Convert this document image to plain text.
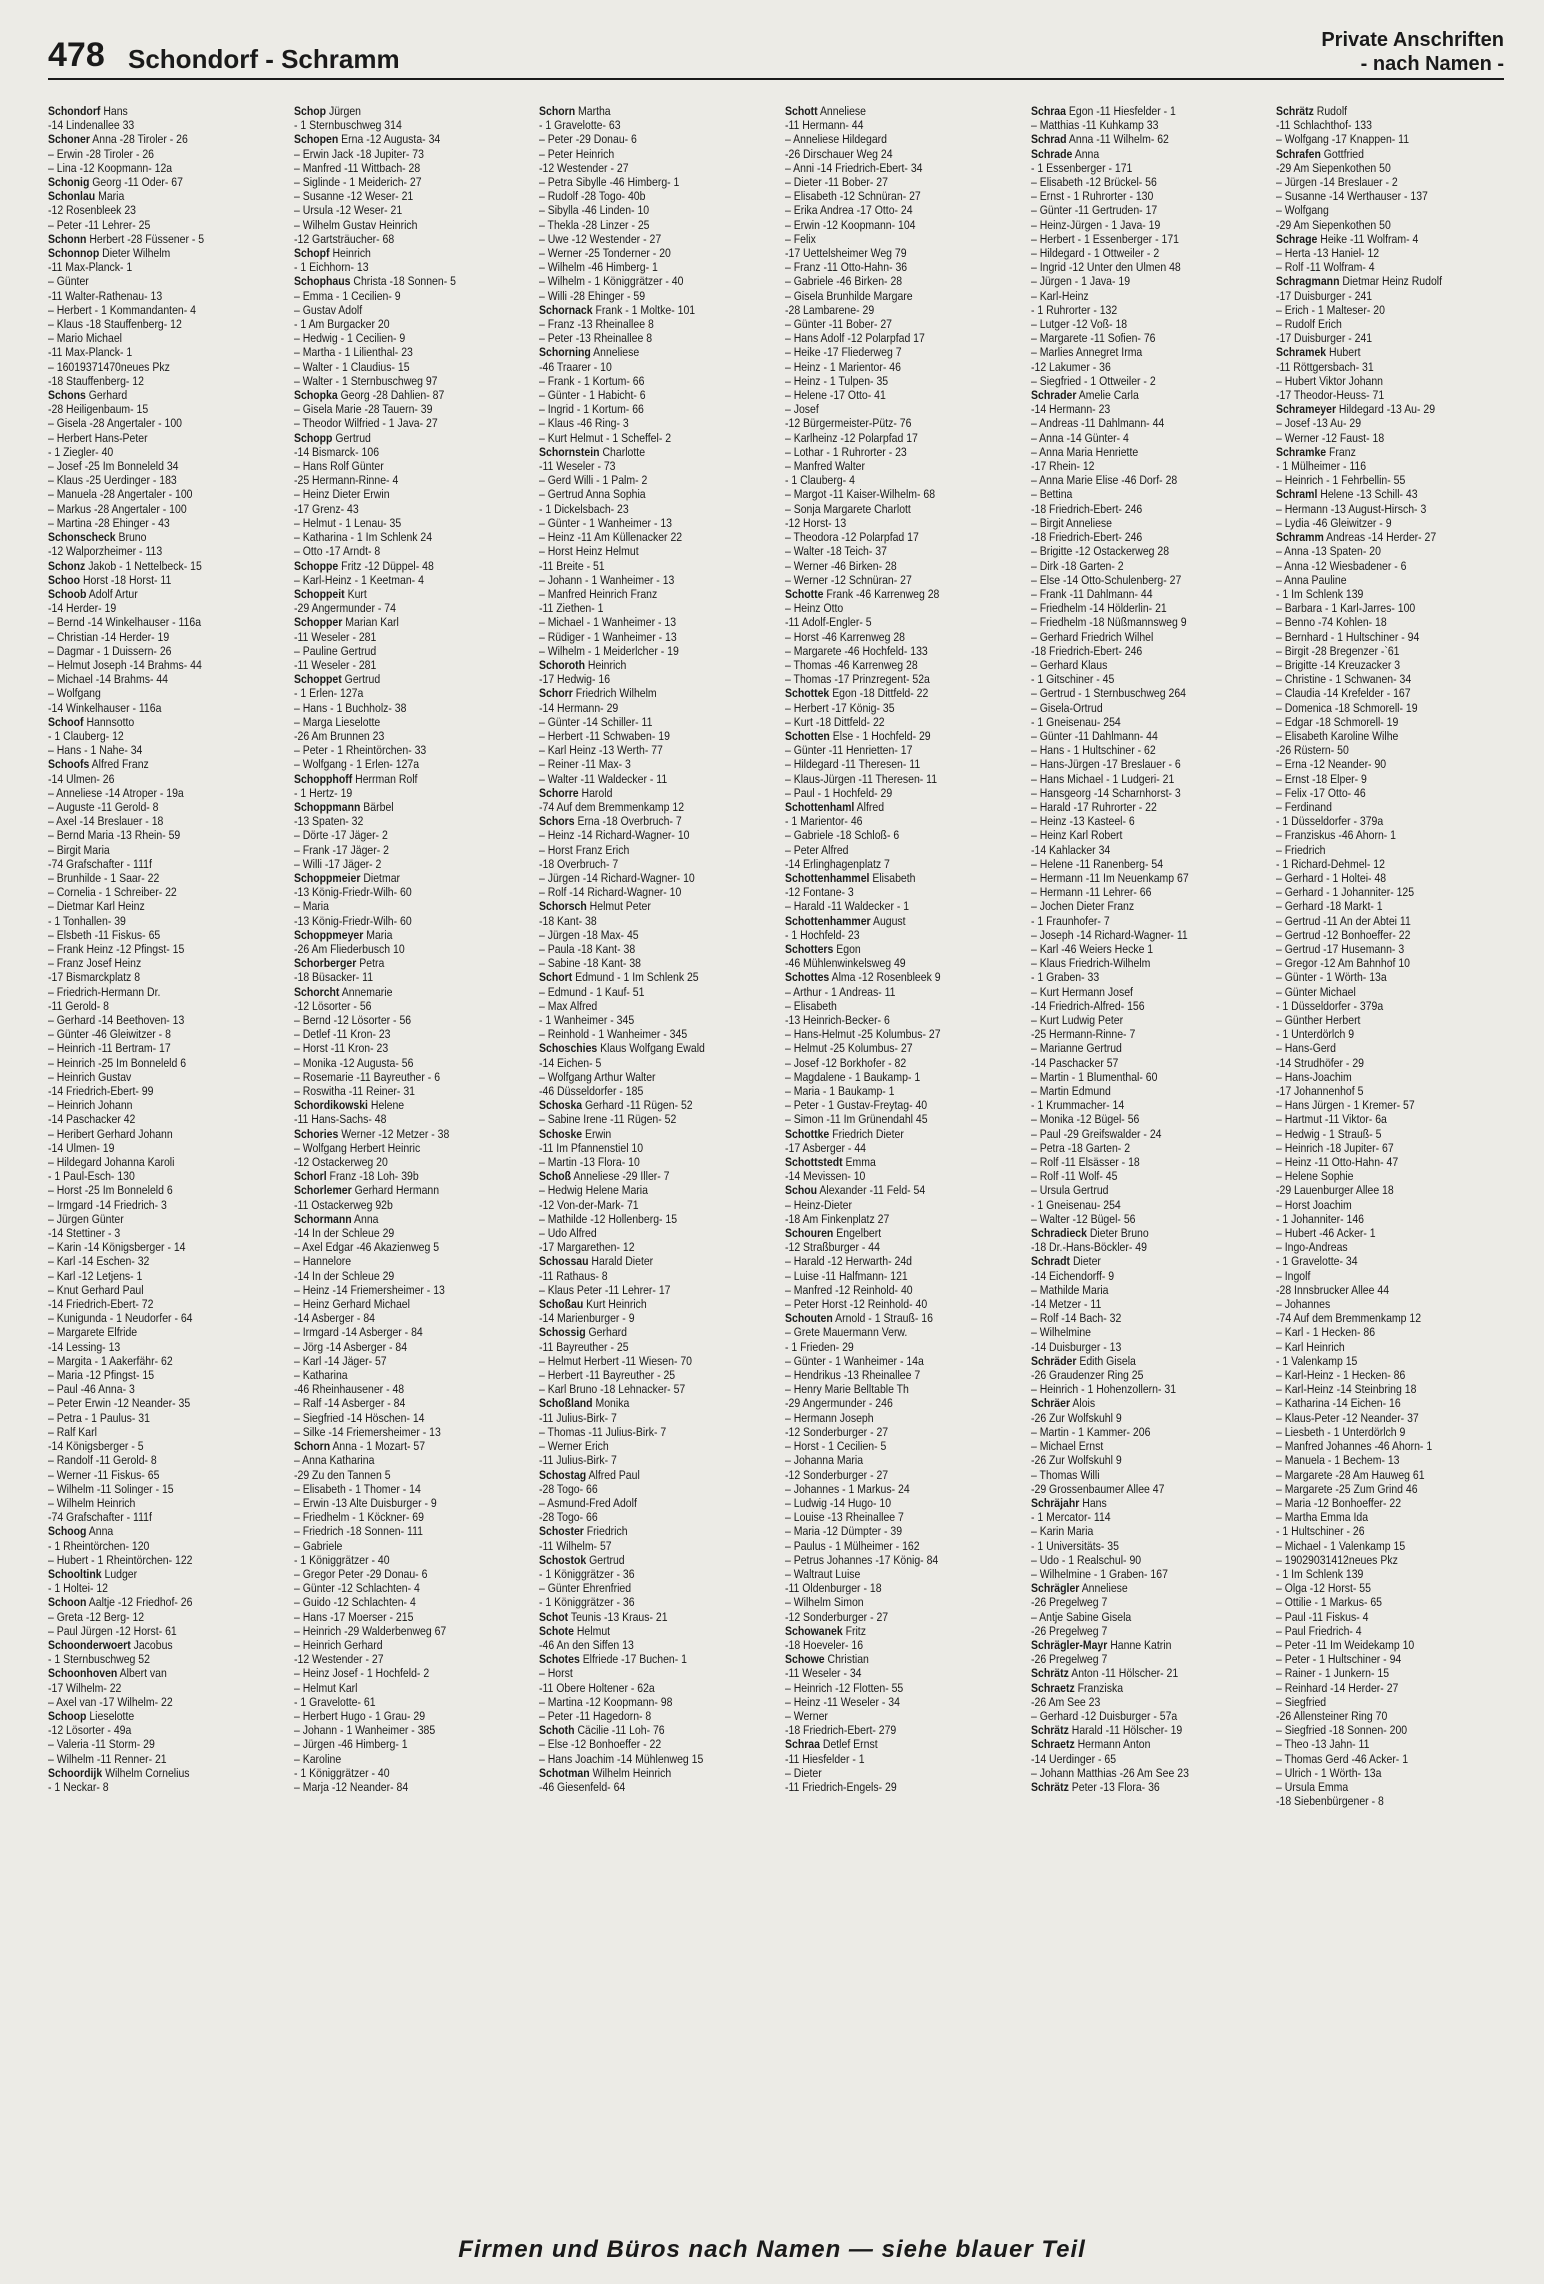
478 Schondorf - Schramm
Private Anschriften
- nach Namen -
Schondorf Hans
-14 Lindenallee 33
Schoner Anna -28 Tiroler - 26
– Erwin -28 Tiroler - 26
– Lina -12 Koopmann- 12a
Schonig Georg -11 Oder- 67
Schonlau Maria
-12 Rosenbleek 23
– Peter -11 Lehrer- 25
Schonn Herbert -28 Füssener - 5
Schonnop Dieter Wilhelm
-11 Max-Planck- 1
– Günter
-11 Walter-Rathenau- 13
– Herbert - 1 Kommandanten- 4
– Klaus -18 Stauffenberg- 12
– Mario Michael
-11 Max-Planck- 1
– 16019371470neues Pkz
-18 Stauffenberg- 12
Schons Gerhard
-28 Heiligenbaum- 15
– Gisela -28 Angertaler - 100
– Herbert Hans-Peter
- 1 Ziegler- 40
– Josef -25 Im Bonneleld 34
– Klaus -25 Uerdinger - 183
– Manuela -28 Angertaler - 100
– Markus -28 Angertaler - 100
– Martina -28 Ehinger - 43
Schonscheck Bruno
-12 Walporzheimer - 113
Schonz Jakob - 1 Nettelbeck- 15
Schoo Horst -18 Horst- 11
Schoob Adolf Artur
-14 Herder- 19
– Bernd -14 Winkelhauser - 116a
– Christian -14 Herder- 19
– Dagmar - 1 Duissern- 26
– Helmut Joseph -14 Brahms- 44
– Michael -14 Brahms- 44
– Wolfgang
-14 Winkelhauser - 116a
Schoof Hannsotto
- 1 Clauberg- 12
– Hans - 1 Nahe- 34
Schoofs Alfred Franz
-14 Ulmen- 26
– Anneliese -14 Atroper - 19a
– Auguste -11 Gerold- 8
– Axel -14 Breslauer - 18
– Bernd Maria -13 Rhein- 59
– Birgit Maria
-74 Grafschafter - 111f
– Brunhilde - 1 Saar- 22
– Cornelia - 1 Schreiber- 22
– Dietmar Karl Heinz
- 1 Tonhallen- 39
– Elsbeth -11 Fiskus- 65
– Frank Heinz -12 Pfingst- 15
– Franz Josef Heinz
-17 Bismarckplatz 8
– Friedrich-Hermann Dr.
-11 Gerold- 8
– Gerhard -14 Beethoven- 13
– Günter -46 Gleiwitzer - 8
– Heinrich -11 Bertram- 17
– Heinrich -25 Im Bonneleld 6
– Heinrich Gustav
-14 Friedrich-Ebert- 99
– Heinrich Johann
-14 Paschacker 42
– Heribert Gerhard Johann
-14 Ulmen- 19
– Hildegard Johanna Karoli
- 1 Paul-Esch- 130
– Horst -25 Im Bonneleld 6
– Irmgard -14 Friedrich- 3
– Jürgen Günter
-14 Stettiner - 3
– Karin -14 Königsberger - 14
– Karl -14 Eschen- 32
– Karl -12 Letjens- 1
– Knut Gerhard Paul
-14 Friedrich-Ebert- 72
– Kunigunda - 1 Neudorfer - 64
– Margarete Elfride
-14 Lessing- 13
– Margita - 1 Aakerfähr- 62
– Maria -12 Pfingst- 15
– Paul -46 Anna- 3
– Peter Erwin -12 Neander- 35
– Petra - 1 Paulus- 31
– Ralf Karl
-14 Königsberger - 5
– Randolf -11 Gerold- 8
– Werner -11 Fiskus- 65
– Wilhelm -11 Solinger - 15
– Wilhelm Heinrich
-74 Grafschafter - 111f
Schoog Anna
- 1 Rheintörchen- 120
– Hubert - 1 Rheintörchen- 122
Schooltink Ludger
- 1 Holtei- 12
Schoon Aaltje -12 Friedhof- 26
– Greta -12 Berg- 12
– Paul Jürgen -12 Horst- 61
Schoonderwoert Jacobus
- 1 Sternbuschweg 52
Schoonhoven Albert van
-17 Wilhelm- 22
– Axel van -17 Wilhelm- 22
Schoop Lieselotte
-12 Lösorter - 49a
– Valeria -11 Storm- 29
– Wilhelm -11 Renner- 21
Schoordijk Wilhelm Cornelius
- 1 Neckar- 8
Schop Jürgen
- 1 Sternbuschweg 314
Schopen Erna -12 Augusta- 34
– Erwin Jack -18 Jupiter- 73
– Manfred -11 Wittbach- 28
– Siglinde - 1 Meiderich- 27
– Susanne -12 Weser- 21
– Ursula -12 Weser- 21
– Wilhelm Gustav Heinrich
-12 Gartsträucher- 68
Schopf Heinrich
- 1 Eichhorn- 13
Schophaus Christa -18 Sonnen- 5
– Emma - 1 Cecilien- 9
– Gustav Adolf
- 1 Am Burgacker 20
– Hedwig - 1 Cecilien- 9
– Martha - 1 Lilienthal- 23
– Walter - 1 Claudius- 15
– Walter - 1 Sternbuschweg 97
Schopka Georg -28 Dahlien- 87
– Gisela Marie -28 Tauern- 39
– Theodor Wilfried - 1 Java- 27
Schopp Gertrud
-14 Bismarck- 106
– Hans Rolf Günter
-25 Hermann-Rinne- 4
– Heinz Dieter Erwin
-17 Grenz- 43
– Helmut - 1 Lenau- 35
– Katharina - 1 Im Schlenk 24
– Otto -17 Arndt- 8
Schoppe Fritz -12 Düppel- 48
– Karl-Heinz - 1 Keetman- 4
Schoppeit Kurt
-29 Angermunder - 74
Schopper Marian Karl
-11 Weseler - 281
– Pauline Gertrud
-11 Weseler - 281
Schoppet Gertrud
- 1 Erlen- 127a
– Hans - 1 Buchholz- 38
– Marga Lieselotte
-26 Am Brunnen 23
– Peter - 1 Rheintörchen- 33
– Wolfgang - 1 Erlen- 127a
Schopphoff Herrman Rolf
- 1 Hertz- 19
Schoppmann Bärbel
-13 Spaten- 32
– Dörte -17 Jäger- 2
– Frank -17 Jäger- 2
– Willi -17 Jäger- 2
Schoppmeier Dietmar
-13 König-Friedr-Wilh- 60
– Maria
-13 König-Friedr-Wilh- 60
Schoppmeyer Maria
-26 Am Fliederbusch 10
Schorberger Petra
-18 Büsacker- 11
Schorcht Annemarie
-12 Lösorter - 56
– Bernd -12 Lösorter - 56
– Detlef -11 Kron- 23
– Horst -11 Kron- 23
– Monika -12 Augusta- 56
– Rosemarie -11 Bayreuther - 6
– Roswitha -11 Reiner- 31
Schordikowski Helene
-11 Hans-Sachs- 48
Schories Werner -12 Metzer - 38
– Wolfgang Herbert Heinric
-12 Ostackerweg 20
Schorl Franz -18 Loh- 39b
Schorlemer Gerhard Hermann
-11 Ostackerweg 92b
Schormann Anna
-14 In der Schleue 29
– Axel Edgar -46 Akazienweg 5
– Hannelore
-14 In der Schleue 29
– Heinz -14 Friemersheimer - 13
– Heinz Gerhard Michael
-14 Asberger - 84
– Irmgard -14 Asberger - 84
– Jörg -14 Asberger - 84
– Karl -14 Jäger- 57
– Katharina
-46 Rheinhausener - 48
– Ralf -14 Asberger - 84
– Siegfried -14 Höschen- 14
– Silke -14 Friemersheimer - 13
Schorn Anna - 1 Mozart- 57
– Anna Katharina
-29 Zu den Tannen 5
– Elisabeth - 1 Thomer - 14
– Erwin -13 Alte Duisburger - 9
– Friedhelm - 1 Köckner- 69
– Friedrich -18 Sonnen- 111
– Gabriele
- 1 Königgrätzer - 40
– Gregor Peter -29 Donau- 6
– Günter -12 Schlachten- 4
– Guido -12 Schlachten- 4
– Hans -17 Moerser - 215
– Heinrich -29 Walderbenweg 67
– Heinrich Gerhard
-12 Westender - 27
– Heinz Josef - 1 Hochfeld- 2
– Helmut Karl
- 1 Gravelotte- 61
– Herbert Hugo - 1 Grau- 29
– Johann - 1 Wanheimer - 385
– Jürgen -46 Himberg- 1
– Karoline
- 1 Königgrätzer - 40
– Marja -12 Neander- 84
Schorn Martha
- 1 Gravelotte- 63
– Peter -29 Donau- 6
– Peter Heinrich
-12 Westender - 27
– Petra Sibylle -46 Himberg- 1
– Rudolf -28 Togo- 40b
– Sibylla -46 Linden- 10
– Thekla -28 Linzer - 25
– Uwe -12 Westender - 27
– Werner -25 Tonderner - 20
– Wilhelm -46 Himberg- 1
– Wilhelm - 1 Königgrätzer - 40
– Willi -28 Ehinger - 59
Schornack Frank - 1 Moltke- 101
– Franz -13 Rheinallee 8
– Peter -13 Rheinallee 8
Schorning Anneliese
-46 Traarer - 10
– Frank - 1 Kortum- 66
– Günter - 1 Habicht- 6
– Ingrid - 1 Kortum- 66
– Klaus -46 Ring- 3
– Kurt Helmut - 1 Scheffel- 2
Schornstein Charlotte
-11 Weseler - 73
– Gerd Willi - 1 Palm- 2
– Gertrud Anna Sophia
- 1 Dickelsbach- 23
– Günter - 1 Wanheimer - 13
– Heinz -11 Am Küllenacker 22
– Horst Heinz Helmut
-11 Breite - 51
– Johann - 1 Wanheimer - 13
– Manfred Heinrich Franz
-11 Ziethen- 1
– Michael - 1 Wanheimer - 13
– Rüdiger - 1 Wanheimer - 13
– Wilhelm - 1 Meiderlcher - 19
Schoroth Heinrich
-17 Hedwig- 16
Schorr Friedrich Wilhelm
-14 Hermann- 29
– Günter -14 Schiller- 11
– Herbert -11 Schwaben- 19
– Karl Heinz -13 Werth- 77
– Reiner -11 Max- 3
– Walter -11 Waldecker - 11
Schorre Harold
-74 Auf dem Bremmenkamp 12
Schors Erna -18 Overbruch- 7
– Heinz -14 Richard-Wagner- 10
– Horst Franz Erich
-18 Overbruch- 7
– Jürgen -14 Richard-Wagner- 10
– Rolf -14 Richard-Wagner- 10
Schorsch Helmut Peter
-18 Kant- 38
– Jürgen -18 Max- 45
– Paula -18 Kant- 38
– Sabine -18 Kant- 38
Schort Edmund - 1 Im Schlenk 25
– Edmund - 1 Kauf- 51
– Max Alfred
- 1 Wanheimer - 345
– Reinhold - 1 Wanheimer - 345
Schoschies Klaus Wolfgang Ewald
-14 Eichen- 5
– Wolfgang Arthur Walter
-46 Düsseldorfer - 185
Schoska Gerhard -11 Rügen- 52
– Sabine Irene -11 Rügen- 52
Schoske Erwin
-11 Im Pfannenstiel 10
– Martin -13 Flora- 10
Schoß Anneliese -29 Iller- 7
– Hedwig Helene Maria
-12 Von-der-Mark- 71
– Mathilde -12 Hollenberg- 15
– Udo Alfred
-17 Margarethen- 12
Schossau Harald Dieter
-11 Rathaus- 8
– Klaus Peter -11 Lehrer- 17
Schoßau Kurt Heinrich
-14 Marienburger - 9
Schossig Gerhard
-11 Bayreuther - 25
– Helmut Herbert -11 Wiesen- 70
– Herbert -11 Bayreuther - 25
– Karl Bruno -18 Lehnacker- 57
Schoßland Monika
-11 Julius-Birk- 7
– Thomas -11 Julius-Birk- 7
– Werner Erich
-11 Julius-Birk- 7
Schostag Alfred Paul
-28 Togo- 66
– Asmund-Fred Adolf
-28 Togo- 66
Schoster Friedrich
-11 Wilhelm- 57
Schostok Gertrud
- 1 Königgrätzer - 36
– Günter Ehrenfried
- 1 Königgrätzer - 36
Schot Teunis -13 Kraus- 21
Schote Helmut
-46 An den Siffen 13
Schotes Elfriede -17 Buchen- 1
– Horst
-11 Obere Holtener - 62a
– Martina -12 Koopmann- 98
– Peter -11 Hagedorn- 8
Schoth Cäcilie -11 Loh- 76
– Else -12 Bonhoeffer - 22
– Hans Joachim -14 Mühlenweg 15
Schotman Wilhelm Heinrich
-46 Giesenfeld- 64
Schott Anneliese
-11 Hermann- 44
– Anneliese Hildegard
-26 Dirschauer Weg 24
– Anni -14 Friedrich-Ebert- 34
– Dieter -11 Bober- 27
– Elisabeth -12 Schnüran- 27
– Erika Andrea -17 Otto- 24
– Erwin -12 Koopmann- 104
– Felix
-17 Uettelsheimer Weg 79
– Franz -11 Otto-Hahn- 36
– Gabriele -46 Birken- 28
– Gisela Brunhilde Margare
-28 Lambarene- 29
– Günter -11 Bober- 27
– Hans Adolf -12 Polarpfad 17
– Heike -17 Fliederweg 7
– Heinz - 1 Marientor- 46
– Heinz - 1 Tulpen- 35
– Helene -17 Otto- 41
– Josef
-12 Bürgermeister-Pütz- 76
– Karlheinz -12 Polarpfad 17
– Lothar - 1 Ruhrorter - 23
– Manfred Walter
- 1 Clauberg- 4
– Margot -11 Kaiser-Wilhelm- 68
– Sonja Margarete Charlott
-12 Horst- 13
– Theodora -12 Polarpfad 17
– Walter -18 Teich- 37
– Werner -46 Birken- 28
– Werner -12 Schnüran- 27
Schotte Frank -46 Karrenweg 28
– Heinz Otto
-11 Adolf-Engler- 5
– Horst -46 Karrenweg 28
– Margarete -46 Hochfeld- 133
– Thomas -46 Karrenweg 28
– Thomas -17 Prinzregent- 52a
Schottek Egon -18 Dittfeld- 22
– Herbert -17 König- 35
– Kurt -18 Dittfeld- 22
Schotten Else - 1 Hochfeld- 29
– Günter -11 Henrietten- 17
– Hildegard -11 Theresen- 11
– Klaus-Jürgen -11 Theresen- 11
– Paul - 1 Hochfeld- 29
Schottenhaml Alfred
- 1 Marientor- 46
– Gabriele -18 Schloß- 6
– Peter Alfred
-14 Erlinghagenplatz 7
Schottenhammel Elisabeth
-12 Fontane- 3
– Harald -11 Waldecker - 1
Schottenhammer August
- 1 Hochfeld- 23
Schotters Egon
-46 Mühlenwinkelsweg 49
Schottes Alma -12 Rosenbleek 9
– Arthur - 1 Andreas- 11
– Elisabeth
-13 Heinrich-Becker- 6
– Hans-Helmut -25 Kolumbus- 27
– Helmut -25 Kolumbus- 27
– Josef -12 Borkhofer - 82
– Magdalene - 1 Baukamp- 1
– Maria - 1 Baukamp- 1
– Peter - 1 Gustav-Freytag- 40
– Simon -11 Im Grünendahl 45
Schottke Friedrich Dieter
-17 Asberger - 44
Schottstedt Emma
-14 Mevissen- 10
Schou Alexander -11 Feld- 54
– Heinz-Dieter
-18 Am Finkenplatz 27
Schouren Engelbert
-12 Straßburger - 44
– Harald -12 Herwarth- 24d
– Luise -11 Halfmann- 121
– Manfred -12 Reinhold- 40
– Peter Horst -12 Reinhold- 40
Schouten Arnold - 1 Strauß- 16
– Grete Mauermann Verw.
- 1 Frieden- 29
– Günter - 1 Wanheimer - 14a
– Hendrikus -13 Rheinallee 7
– Henry Marie Belltable Th
-29 Angermunder - 246
– Hermann Joseph
-12 Sonderburger - 27
– Horst - 1 Cecilien- 5
– Johanna Maria
-12 Sonderburger - 27
– Johannes - 1 Markus- 24
– Ludwig -14 Hugo- 10
– Louise -13 Rheinallee 7
– Maria -12 Dümpter - 39
– Paulus - 1 Mülheimer - 162
– Petrus Johannes -17 König- 84
– Waltraut Luise
-11 Oldenburger - 18
– Wilhelm Simon
-12 Sonderburger - 27
Schowanek Fritz
-18 Hoeveler- 16
Schowe Christian
-11 Weseler - 34
– Heinrich -12 Flotten- 55
– Heinz -11 Weseler - 34
– Werner
-18 Friedrich-Ebert- 279
Schraa Detlef Ernst
-11 Hiesfelder - 1
– Dieter
-11 Friedrich-Engels- 29
Schraa Egon -11 Hiesfelder - 1
– Matthias -11 Kuhkamp 33
Schrad Anna -11 Wilhelm- 62
Schrade Anna
- 1 Essenberger - 171
– Elisabeth -12 Brückel- 56
– Ernst - 1 Ruhrorter - 130
– Günter -11 Gertruden- 17
– Heinz-Jürgen - 1 Java- 19
– Herbert - 1 Essenberger - 171
– Hildegard - 1 Ottweiler - 2
– Ingrid -12 Unter den Ulmen 48
– Jürgen - 1 Java- 19
– Karl-Heinz
- 1 Ruhrorter - 132
– Lutger -12 Voß- 18
– Margarete -11 Sofien- 76
– Marlies Annegret Irma
-12 Lakumer - 36
– Siegfried - 1 Ottweiler - 2
Schrader Amelie Carla
-14 Hermann- 23
– Andreas -11 Dahlmann- 44
– Anna -14 Günter- 4
– Anna Maria Henriette
-17 Rhein- 12
– Anna Marie Elise -46 Dorf- 28
– Bettina
-18 Friedrich-Ebert- 246
– Birgit Anneliese
-18 Friedrich-Ebert- 246
– Brigitte -12 Ostackerweg 28
– Dirk -18 Garten- 2
– Else -14 Otto-Schulenberg- 27
– Frank -11 Dahlmann- 44
– Friedhelm -14 Hölderlin- 21
– Friedhelm -18 Nüßmannsweg 9
– Gerhard Friedrich Wilhel
-18 Friedrich-Ebert- 246
– Gerhard Klaus
- 1 Gitschiner - 45
– Gertrud - 1 Sternbuschweg 264
– Gisela-Ortrud
- 1 Gneisenau- 254
– Günter -11 Dahlmann- 44
– Hans - 1 Hultschiner - 62
– Hans-Jürgen -17 Breslauer - 6
– Hans Michael - 1 Ludgeri- 21
– Hansgeorg -14 Scharnhorst- 3
– Harald -17 Ruhrorter - 22
– Heinz -13 Kasteel- 6
– Heinz Karl Robert
-14 Kahlacker 34
– Helene -11 Ranenberg- 54
– Hermann -11 Im Neuenkamp 67
– Hermann -11 Lehrer- 66
– Jochen Dieter Franz
- 1 Fraunhofer- 7
– Joseph -14 Richard-Wagner- 11
– Karl -46 Weiers Hecke 1
– Klaus Friedrich-Wilhelm
- 1 Graben- 33
– Kurt Hermann Josef
-14 Friedrich-Alfred- 156
– Kurt Ludwig Peter
-25 Hermann-Rinne- 7
– Marianne Gertrud
-14 Paschacker 57
– Martin - 1 Blumenthal- 60
– Martin Edmund
- 1 Krummacher- 14
– Monika -12 Bügel- 56
– Paul -29 Greifswalder - 24
– Petra -18 Garten- 2
– Rolf -11 Elsässer - 18
– Rolf -11 Wolf- 45
– Ursula Gertrud
- 1 Gneisenau- 254
– Walter -12 Bügel- 56
Schradieck Dieter Bruno
-18 Dr.-Hans-Böckler- 49
Schradt Dieter
-14 Eichendorff- 9
– Mathilde Maria
-14 Metzer - 11
– Rolf -14 Bach- 32
– Wilhelmine
-14 Duisburger - 13
Schräder Edith Gisela
-26 Graudenzer Ring 25
– Heinrich - 1 Hohenzollern- 31
Schräer Alois
-26 Zur Wolfskuhl 9
– Martin - 1 Kammer- 206
– Michael Ernst
-26 Zur Wolfskuhl 9
– Thomas Willi
-29 Grossenbaumer Allee 47
Schräjahr Hans
- 1 Mercator- 114
– Karin Maria
- 1 Universitäts- 35
– Udo - 1 Realschul- 90
– Wilhelmine - 1 Graben- 167
Schrägler Anneliese
-26 Pregelweg 7
– Antje Sabine Gisela
-26 Pregelweg 7
Schrägler-Mayr Hanne Katrin
-26 Pregelweg 7
Schrätz Anton -11 Hölscher- 21
Schraetz Franziska
-26 Am See 23
– Gerhard -12 Duisburger - 57a
Schrätz Harald -11 Hölscher- 19
Schraetz Hermann Anton
-14 Uerdinger - 65
– Johann Matthias -26 Am See 23
Schrätz Peter -13 Flora- 36
Schrätz Rudolf
-11 Schlachthof- 133
– Wolfgang -17 Knappen- 11
Schrafen Gottfried
-29 Am Siepenkothen 50
– Jürgen -14 Breslauer - 2
– Susanne -14 Werthauser - 137
– Wolfgang
-29 Am Siepenkothen 50
Schrage Heike -11 Wolfram- 4
– Herta -13 Haniel- 12
– Rolf -11 Wolfram- 4
Schragmann Dietmar Heinz Rudolf
-17 Duisburger - 241
– Erich - 1 Malteser- 20
– Rudolf Erich
-17 Duisburger - 241
Schramek Hubert
-11 Röttgersbach- 31
– Hubert Viktor Johann
-17 Theodor-Heuss- 71
Schrameyer Hildegard -13 Au- 29
– Josef -13 Au- 29
– Werner -12 Faust- 18
Schramke Franz
- 1 Mülheimer - 116
– Heinrich - 1 Fehrbellin- 55
Schraml Helene -13 Schill- 43
– Hermann -13 August-Hirsch- 3
– Lydia -46 Gleiwitzer - 9
Schramm Andreas -14 Herder- 27
– Anna -13 Spaten- 20
– Anna -12 Wiesbadener - 6
– Anna Pauline
- 1 Im Schlenk 139
– Barbara - 1 Karl-Jarres- 100
– Benno -74 Kohlen- 18
– Bernhard - 1 Hultschiner - 94
– Birgit -28 Bregenzer -`61
– Brigitte -14 Kreuzacker 3
– Christine - 1 Schwanen- 34
– Claudia -14 Krefelder - 167
– Domenica -18 Schmorell- 19
– Edgar -18 Schmorell- 19
– Elisabeth Karoline Wilhe
-26 Rüstern- 50
– Erna -12 Neander- 90
– Ernst -18 Elper- 9
– Felix -17 Otto- 46
– Ferdinand
- 1 Düsseldorfer - 379a
– Franziskus -46 Ahorn- 1
– Friedrich
- 1 Richard-Dehmel- 12
– Gerhard - 1 Holtei- 48
– Gerhard - 1 Johanniter- 125
– Gerhard -18 Markt- 1
– Gertrud -11 An der Abtei 11
– Gertrud -12 Bonhoeffer- 22
– Gertrud -17 Husemann- 3
– Gregor -12 Am Bahnhof 10
– Günter - 1 Wörth- 13a
– Günter Michael
- 1 Düsseldorfer - 379a
– Günther Herbert
- 1 Unterdörlch 9
– Hans-Gerd
-14 Strudhöfer - 29
– Hans-Joachim
-17 Johannenhof 5
– Hans Jürgen - 1 Kremer- 57
– Hartmut -11 Viktor- 6a
– Hedwig - 1 Strauß- 5
– Heinrich -18 Jupiter- 67
– Heinz -11 Otto-Hahn- 47
– Helene Sophie
-29 Lauenburger Allee 18
– Horst Joachim
- 1 Johanniter- 146
– Hubert -46 Acker- 1
– Ingo-Andreas
- 1 Gravelotte- 34
– Ingolf
-28 Innsbrucker Allee 44
– Johannes
-74 Auf dem Bremmenkamp 12
– Karl - 1 Hecken- 86
– Karl Heinrich
- 1 Valenkamp 15
– Karl-Heinz - 1 Hecken- 86
– Karl-Heinz -14 Steinbring 18
– Katharina -14 Eichen- 16
– Klaus-Peter -12 Neander- 37
– Liesbeth - 1 Unterdörlch 9
– Manfred Johannes -46 Ahorn- 1
– Manuela - 1 Bechem- 13
– Margarete -28 Am Hauweg 61
– Margarete -25 Zum Grind 46
– Maria -12 Bonhoeffer- 22
– Martha Emma Ida
- 1 Hultschiner - 26
– Michael - 1 Valenkamp 15
– 19029031412neues Pkz
- 1 Im Schlenk 139
– Olga -12 Horst- 55
– Ottilie - 1 Markus- 65
– Paul -11 Fiskus- 4
– Paul Friedrich- 4
– Peter -11 Im Weidekamp 10
– Peter - 1 Hultschiner - 94
– Rainer - 1 Junkern- 15
– Reinhard -14 Herder- 27
– Siegfried
-26 Allensteiner Ring 70
– Siegfried -18 Sonnen- 200
– Theo -13 Jahn- 11
– Thomas Gerd -46 Acker- 1
– Ulrich - 1 Wörth- 13a
– Ursula Emma
-18 Siebenbürgener - 8
Firmen und Büros nach Namen — siehe blauer Teil
